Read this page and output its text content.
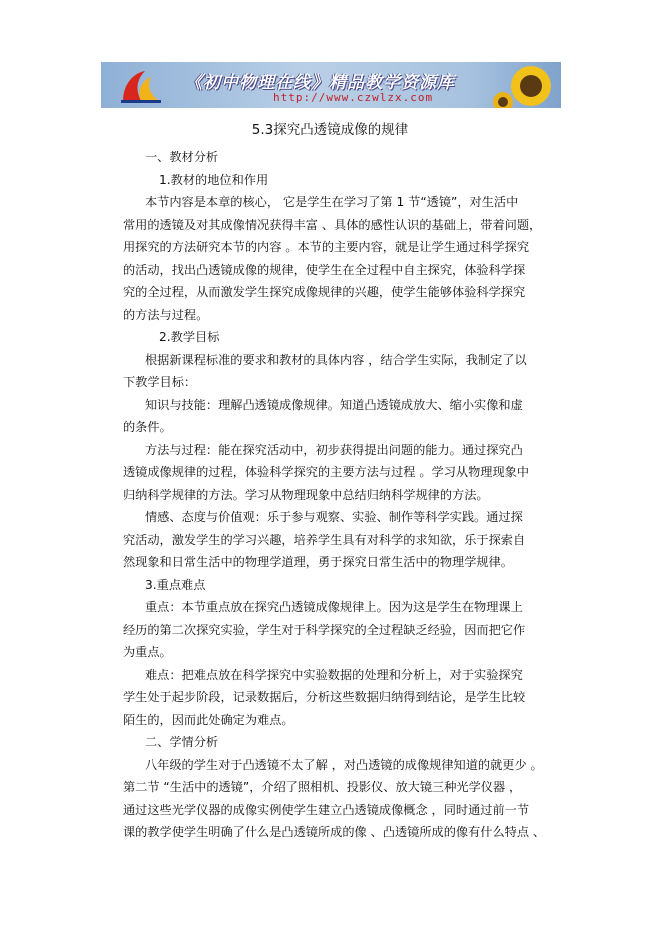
《初中物理在线》精品教学资源库
http://www.czwlzx.com
5.3探究凸透镜成像的规律

一、教材分析

1.教材的地位和作用

本节内容是本章的核心， 它是学生在学习了第 1 节“透镜”，对生活中

常用的透镜及对其成像情况获得丰富 、具体的感性认识的基础上，带着问题，

用探究的方法研究本节的内容 。本节的主要内容，就是让学生通过科学探究

的活动，找出凸透镜成像的规律，使学生在全过程中自主探究，体验科学探

究的全过程，从而激发学生探究成像规律的兴趣，使学生能够体验科学探究

的方法与过程。

2.教学目标

根据新课程标准的要求和教材的具体内容 ，结合学生实际，我制定了以

下教学目标：

知识与技能：理解凸透镜成像规律。知道凸透镜成放大、缩小实像和虚

的条件。

方法与过程：能在探究活动中，初步获得提出问题的能力。通过探究凸

透镜成像规律的过程，体验科学探究的主要方法与过程 。学习从物理现象中

归纳科学规律的方法。学习从物理现象中总结归纳科学规律的方法。

情感、态度与价值观：乐于参与观察、实验、制作等科学实践。通过探

究活动，激发学生的学习兴趣，培养学生具有对科学的求知欲，乐于探索自

然现象和日常生活中的物理学道理，勇于探究日常生活中的物理学规律。

3.重点难点

重点：本节重点放在探究凸透镜成像规律上。因为这是学生在物理课上

经历的第二次探究实验，学生对于科学探究的全过程缺乏经验，因而把它作

为重点。

难点：把难点放在科学探究中实验数据的处理和分析上，对于实验探究

学生处于起步阶段，记录数据后，分析这些数据归纳得到结论，是学生比较

陌生的，因而此处确定为难点。

二、学情分析

八年级的学生对于凸透镜不太了解 ，对凸透镜的成像规律知道的就更少 。

第二节 “生活中的透镜”，介绍了照相机、投影仪、放大镜三种光学仪器 ，

通过这些光学仪器的成像实例使学生建立凸透镜成像概念 ，同时通过前一节

课的教学使学生明确了什么是凸透镜所成的像 、凸透镜所成的像有什么特点 、
